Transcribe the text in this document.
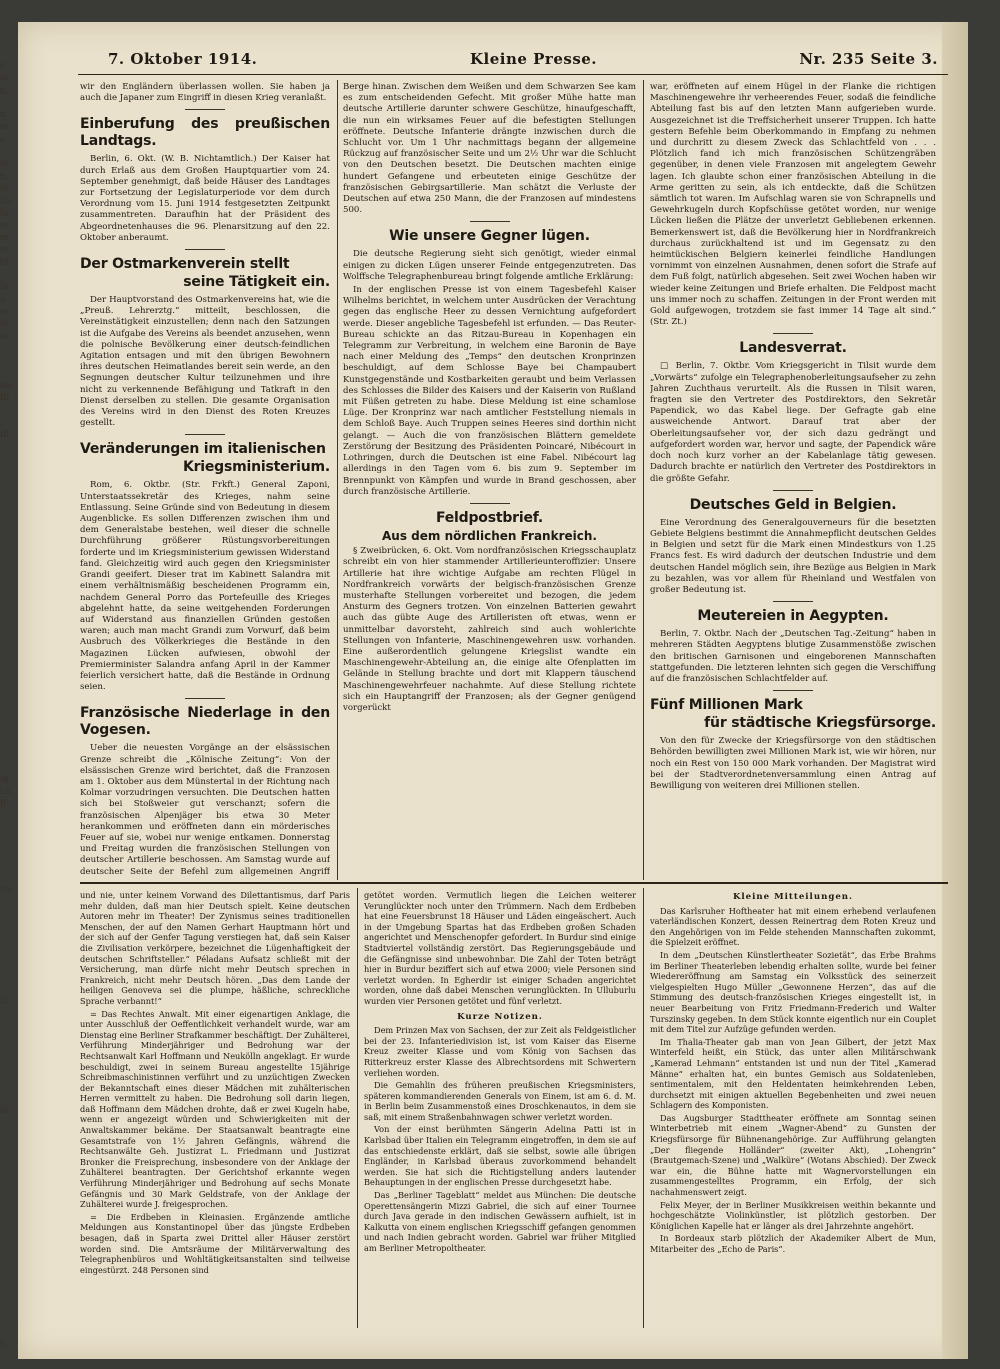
e
ar
n,
it
er
s
le
n,
ef
ch
ts
er
er
er
ht
fa
n
er
ie
er
he
ffl
ifl.
ig
ch
ff
ch
h)
nt
h
7. Oktober 1914.	Kleine Presse.	Nr. 235 Seite 3.

wir den Engländern überlassen wollen. Sie haben ja auch die Japaner zum Eingriff in diesen Krieg veranlaßt.

Einberufung des preußischen Landtags.

Berlin, 6. Okt. (W. B. Nichtamtlich.) Der Kaiser hat durch Erlaß aus dem Großen Hauptquartier vom 24. September genehmigt, daß beide Häuser des Landtages zur Fortsetzung der Legislaturperiode vor dem durch Verordnung vom 15. Juni 1914 festgesetzten Zeitpunkt zusammentreten. Daraufhin hat der Präsident des Abgeordnetenhauses die 96. Plenarsitzung auf den 22. Oktober anberaumt.

Der Ostmarkenverein stellt
seine Tätigkeit ein.

Der Hauptvorstand des Ostmarkenvereins hat, wie die „Preuß. Lehrerztg.“ mitteilt, beschlossen, die Vereinstätigkeit einzustellen; denn nach den Satzungen ist die Aufgabe des Vereins als beendet anzusehen, wenn die polnische Bevölkerung einer deutsch-feindlichen Agitation entsagen und mit den übrigen Bewohnern ihres deutschen Heimatlandes bereit sein werde, an den Segnungen deutscher Kultur teilzunehmen und ihre nicht zu verkennende Befähigung und Tatkraft in den Dienst derselben zu stellen. Die gesamte Organisation des Vereins wird in den Dienst des Roten Kreuzes gestellt.

Veränderungen im italienischen
Kriegsministerium.

Rom, 6. Oktbr. (Str. Frkft.) General Zaponi, Unterstaatssekretär des Krieges, nahm seine Entlassung. Seine Gründe sind von Bedeutung in diesem Augenblicke. Es sollen Differenzen zwischen ihm und dem Generalstabe bestehen, weil dieser die schnelle Durchführung größerer Rüstungsvorbereitungen forderte und im Kriegsministerium gewissen Widerstand fand. Gleichzeitig wird auch gegen den Kriegsminister Grandi geeifert. Dieser trat im Kabinett Salandra mit einem verhältnismäßig bescheidenen Programm ein, nachdem General Porro das Portefeuille des Krieges abgelehnt hatte, da seine weitgehenden Forderungen auf Widerstand aus finanziellen Gründen gestoßen waren; auch man macht Grandi zum Vorwurf, daß beim Ausbruch des Völkerkrieges die Bestände in den Magazinen Lücken aufwiesen, obwohl der Premierminister Salandra anfang April in der Kammer feierlich versichert hatte, daß die Bestände in Ordnung seien.

Französische Niederlage in den Vogesen.

Ueber die neuesten Vorgänge an der elsässischen Grenze schreibt die „Kölnische Zeitung“: Von der elsässischen Grenze wird berichtet, daß die Franzosen am 1. Oktober aus dem Münstertal in der Richtung nach Kolmar vorzudringen versuchten. Die Deutschen hatten sich bei Stoßweier gut verschanzt; sofern die französischen Alpenjäger bis etwa 30 Meter herankommen und eröffneten dann ein mörderisches Feuer auf sie, wobei nur wenige entkamen. Donnerstag und Freitag wurden die französischen Stellungen von deutscher Artillerie beschossen. Am Samstag wurde auf deutscher Seite der Befehl zum allgemeinen Angriff

Berge hinan. Zwischen dem Weißen und dem Schwarzen See kam es zum entscheidenden Gefecht. Mit großer Mühe hatte man deutsche Artillerie darunter schwere Geschütze, hinaufgeschafft, die nun ein wirksames Feuer auf die befestigten Stellungen eröffnete. Deutsche Infanterie drängte inzwischen durch die Schlucht vor. Um 1 Uhr nachmittags begann der allgemeine Rückzug auf französischer Seite und um 2½ Uhr war die Schlucht von den Deutschen besetzt. Die Deutschen machten einige hundert Gefangene und erbeuteten einige Geschütze der französischen Gebirgsartillerie. Man schätzt die Verluste der Deutschen auf etwa 250 Mann, die der Franzosen auf mindestens 500.

Wie unsere Gegner lügen.

Die deutsche Regierung sieht sich genötigt, wieder einmal einigen zu dicken Lügen unserer Feinde entgegenzutreten. Das Wolffsche Telegraphenbureau bringt folgende amtliche Erklärung:

In der englischen Presse ist von einem Tagesbefehl Kaiser Wilhelms berichtet, in welchem unter Ausdrücken der Verachtung gegen das englische Heer zu dessen Vernichtung aufgefordert werde. Dieser angebliche Tagesbefehl ist erfunden. — Das Reuter-Bureau schickte an das Ritzau-Bureau in Kopenhagen ein Telegramm zur Verbreitung, in welchem eine Baronin de Baye nach einer Meldung des „Temps“ den deutschen Kronprinzen beschuldigt, auf dem Schlosse Baye bei Champaubert Kunstgegenstände und Kostbarkeiten geraubt und beim Verlassen des Schlosses die Bilder des Kaisers und der Kaiserin von Rußland mit Füßen getreten zu habe. Diese Meldung ist eine schamlose Lüge. Der Kronprinz war nach amtlicher Feststellung niemals in dem Schloß Baye. Auch Truppen seines Heeres sind dorthin nicht gelangt. — Auch die von französischen Blättern gemeldete Zerstörung der Besitzung des Präsidenten Poincaré, Nibécourt in Lothringen, durch die Deutschen ist eine Fabel. Nibécourt lag allerdings in den Tagen vom 6. bis zum 9. September im Brennpunkt von Kämpfen und wurde in Brand geschossen, aber durch französische Artillerie.

Feldpostbrief.
Aus dem nördlichen Frankreich.

§ Zweibrücken, 6. Okt. Vom nordfranzösischen Kriegsschauplatz schreibt ein von hier stammender Artillerieunteroffizier: Unsere Artillerie hat ihre wichtige Aufgabe am rechten Flügel in Nordfrankreich vorwärts der belgisch-französischen Grenze musterhafte Stellungen vorbereitet und bezogen, die jedem Ansturm des Gegners trotzen. Von einzelnen Batterien gewahrt auch das gübte Auge des Artilleristen oft etwas, wenn er unmittelbar davorsteht, zahlreich sind auch wohlerichte Stellungen von Infanterie, Maschinengewehren usw. vorhanden. Eine außerordentlich gelungene Kriegslist wandte ein Maschinengewehr-Abteilung an, die einige alte Ofenplatten im Gelände in Stellung brachte und dort mit Klappern täuschend Maschinengewehrfeuer nachahmte. Auf diese Stellung richtete sich ein Hauptangriff der Franzosen; als der Gegner genügend vorgerückt

war, eröffneten auf einem Hügel in der Flanke die richtigen Maschinengewehre ihr verheerendes Feuer, sodaß die feindliche Abteilung fast bis auf den letzten Mann aufgerieben wurde. Ausgezeichnet ist die Treffsicherheit unserer Truppen. Ich hatte gestern Befehle beim Oberkommando in Empfang zu nehmen und durchritt zu diesem Zweck das Schlachtfeld von . . . Plötzlich fand ich mich französischen Schützengräben gegenüber, in denen viele Franzosen mit angelegtem Gewehr lagen. Ich glaubte schon einer französischen Abteilung in die Arme geritten zu sein, als ich entdeckte, daß die Schützen sämtlich tot waren. Im Aufschlag waren sie von Schrapnells und Gewehrkugeln durch Kopfschüsse getötet worden, nur wenige Lücken ließen die Plätze der unverletzt Gebliebenen erkennen. Bemerkenswert ist, daß die Bevölkerung hier in Nordfrankreich durchaus zurückhaltend ist und im Gegensatz zu den heimtückischen Belgiern keinerlei feindliche Handlungen vornimmt von einzelnen Ausnahmen, denen sofort die Strafe auf dem Fuß folgt, natürlich abgesehen. Seit zwei Wochen haben wir wieder keine Zeitungen und Briefe erhalten. Die Feldpost macht uns immer noch zu schaffen. Zeitungen in der Front werden mit Gold aufgewogen, trotzdem sie fast immer 14 Tage alt sind.“ (Str. Zt.)

Landesverrat.

□ Berlin, 7. Oktbr. Vom Kriegsgericht in Tilsit wurde dem „Vorwärts“ zufolge ein Telegraphenoberleitungsaufseher zu zehn Jahren Zuchthaus verurteilt. Als die Russen in Tilsit waren, fragten sie den Vertreter des Postdirektors, den Sekretär Papendick, wo das Kabel liege. Der Gefragte gab eine ausweichende Antwort. Darauf trat aber der Oberleitungsaufseher vor, der sich dazu gedrängt und aufgefordert worden war, hervor und sagte, der Papendick wäre doch noch kurz vorher an der Kabelanlage tätig gewesen. Dadurch brachte er natürlich den Vertreter des Postdirektors in die größte Gefahr.

Deutsches Geld in Belgien.

Eine Verordnung des Generalgouverneurs für die besetzten Gebiete Belgiens bestimmt die Annahmepflicht deutschen Geldes in Belgien und setzt für die Mark einen Mindestkurs von 1.25 Francs fest. Es wird dadurch der deutschen Industrie und dem deutschen Handel möglich sein, ihre Bezüge aus Belgien in Mark zu bezahlen, was vor allem für Rheinland und Westfalen von großer Bedeutung ist.

Meutereien in Aegypten.

Berlin, 7. Oktbr. Nach der „Deutschen Tag.-Zeitung“ haben in mehreren Städten Aegyptens blutige Zusammenstöße zwischen den britischen Garnisonen und eingeborenen Mannschaften stattgefunden. Die letzteren lehnten sich gegen die Verschiffung auf die französischen Schlachtfelder auf.

Fünf Millionen Mark
für städtische Kriegsfürsorge.

Von den für Zwecke der Kriegsfürsorge von den städtischen Behörden bewilligten zwei Millionen Mark ist, wie wir hören, nur noch ein Rest von 150 000 Mark vorhanden. Der Magistrat wird bei der Stadtverordnetenversammlung einen Antrag auf Bewilligung von weiteren drei Millionen stellen.

und nie, unter keinem Vorwand des Dilettantismus, darf Paris mehr dulden, daß man hier Deutsch spielt. Keine deutschen Autoren mehr im Theater! Der Zynismus seines traditionellen Menschen, der auf den Namen Gerhart Hauptmann hört und der sich auf der Genfer Tagung verstiegen hat, daß sein Kaiser die Zivilisation verkörpere, bezeichnet die Lügenhaftigkeit der deutschen Schriftsteller.“ Péladans Aufsatz schließt mit der Versicherung, man dürfe nicht mehr Deutsch sprechen in Frankreich, nicht mehr Deutsch hören. „Das dem Lande der heiligen Genoveva sei die plumpe, häßliche, schreckliche Sprache verbannt!“

= Das Rechtes Anwalt. Mit einer eigenartigen Anklage, die unter Ausschluß der Oeffentlichkeit verhandelt wurde, war am Dienstag eine Berliner Strafkammer beschäftigt. Der Zuhälterei, Verführung Minderjähriger und Bedrohung war der Rechtsanwalt Karl Hoffmann und Neukölln angeklagt. Er wurde beschuldigt, zwei in seinem Bureau angestellte 15jährige Schreibmaschinistinnen verführt und zu unzüchtigen Zwecken der Bekanntschaft eines dieser Mädchen mit zuhälterischen Herren vermittelt zu haben. Die Bedrohung soll darin liegen, daß Hoffmann dem Mädchen drohte, daß er zwei Kugeln habe, wenn er angezeigt würden und Schwierigkeiten mit der Anwaltskammer bekäme. Der Staatsanwalt beantragte eine Gesamtstrafe von 1½ Jahren Gefängnis, während die Rechtsanwälte Geh. Justizrat L. Friedmann und Justizrat Bronker die Freisprechung, insbesondere von der Anklage der Zuhälterei beantragten. Der Gerichtshof erkannte wegen Verführung Minderjähriger und Bedrohung auf sechs Monate Gefängnis und 30 Mark Geldstrafe, von der Anklage der Zuhälterei wurde J. freigesprochen.

= Die Erdbeben in Kleinasien. Ergänzende amtliche Meldungen aus Konstantinopel über das jüngste Erdbeben besagen, daß in Sparta zwei Drittel aller Häuser zerstört worden sind. Die Amtsräume der Militärverwaltung des Telegraphenbüros und Wohltätigkeitsanstalten sind teilweise eingestürzt. 248 Personen sind

getötet worden. Vermutlich liegen die Leichen weiterer Verunglückter noch unter den Trümmern. Nach dem Erdbeben hat eine Feuersbrunst 18 Häuser und Läden eingeäschert. Auch in der Umgebung Spartas hat das Erdbeben großen Schaden angerichtet und Menschenopfer gefordert. In Burdur sind einige Stadtviertel vollständig zerstört. Das Regierungsgebäude und die Gefängnisse sind unbewohnbar. Die Zahl der Toten beträgt hier in Burdur beziffert sich auf etwa 2000; viele Personen sind verletzt worden. In Egherdir ist einiger Schaden angerichtet worden, ohne daß dabei Menschen verunglückten. In Ulluburlu wurden vier Personen getötet und fünf verletzt.

Kurze Notizen.

Dem Prinzen Max von Sachsen, der zur Zeit als Feldgeistlicher bei der 23. Infanteriedivision ist, ist vom Kaiser das Eiserne Kreuz zweiter Klasse und vom König von Sachsen das Ritterkreuz erster Klasse des Albrechtsordens mit Schwertern verliehen worden.

Die Gemahlin des früheren preußischen Kriegsministers, späteren kommandierenden Generals von Einem, ist am 6. d. M. in Berlin beim Zusammenstoß eines Droschkenautos, in dem sie saß, mit einem Straßenbahnwagen schwer verletzt worden.

Von der einst berühmten Sängerin Adelina Patti ist in Karlsbad über Italien ein Telegramm eingetroffen, in dem sie auf das entschiedenste erklärt, daß sie selbst, sowie alle übrigen Engländer, in Karlsbad überaus zuvorkommend behandelt werden. Sie hat sich die Richtigstellung anders lautender Behauptungen in der englischen Presse durchgesetzt habe.

Das „Berliner Tageblatt“ meldet aus München: Die deutsche Operettensängerin Mizzi Gabriel, die sich auf einer Tournee durch Java gerade in den indischen Gewässern aufhielt, ist in Kalkutta von einem englischen Kriegsschiff gefangen genommen und nach Indien gebracht worden. Gabriel war früher Mitglied am Berliner Metropoltheater.

Kleine Mitteilungen.

Das Karlsruher Hoftheater hat mit einem erhebend verlaufenen vaterländischen Konzert, dessen Reinertrag dem Roten Kreuz und den Angehörigen von im Felde stehenden Mannschaften zukommt, die Spielzeit eröffnet.

In dem „Deutschen Künstlertheater Sozietät“, das Erbe Brahms im Berliner Theaterleben lebendig erhalten sollte, wurde bei feiner Wiedereröffnung am Samstag ein Volksstück des seinerzeit vielgespielten Hugo Müller „Gewonnene Herzen“, das auf die Stimmung des deutsch-französischen Krieges eingestellt ist, in neuer Bearbeitung von Fritz Friedmann-Frederich und Walter Turszinsky gegeben. In dem Stück konnte eigentlich nur ein Couplet mit dem Titel zur Aufzüge gefunden werden.

Im Thalia-Theater gab man von Jean Gilbert, der jetzt Max Winterfeld heißt, ein Stück, das unter allen Militärschwank „Kamerad Lehmann“ entstanden ist und nun der Titel „Kamerad Männe“ erhalten hat, ein buntes Gemisch aus Soldatenleben, sentimentalem, mit den Heldentaten heimkehrenden Leben, durchsetzt mit einigen aktuellen Begebenheiten und zwei neuen Schlagern des Komponisten.

Das Augsburger Stadttheater eröffnete am Sonntag seinen Winterbetrieb mit einem „Wagner-Abend“ zu Gunsten der Kriegsfürsorge für Bühnenangehörige. Zur Aufführung gelangten „Der fliegende Holländer“ (zweiter Akt), „Lohengrin“ (Brautgemach-Szene) und „Walküre“ (Wotans Abschied). Der Zweck war ein, die Bühne hatte mit Wagnervorstellungen ein zusammengestelltes Programm, ein Erfolg, der sich nachahmenswert zeigt.

Felix Meyer, der in Berliner Musikkreisen weithin bekannte und hochgeschätzte Violinkünstler, ist plötzlich gestorben. Der Königlichen Kapelle hat er länger als drei Jahrzehnte angehört.

In Bordeaux starb plötzlich der Akademiker Albert de Mun, Mitarbeiter des „Echo de Paris“.
